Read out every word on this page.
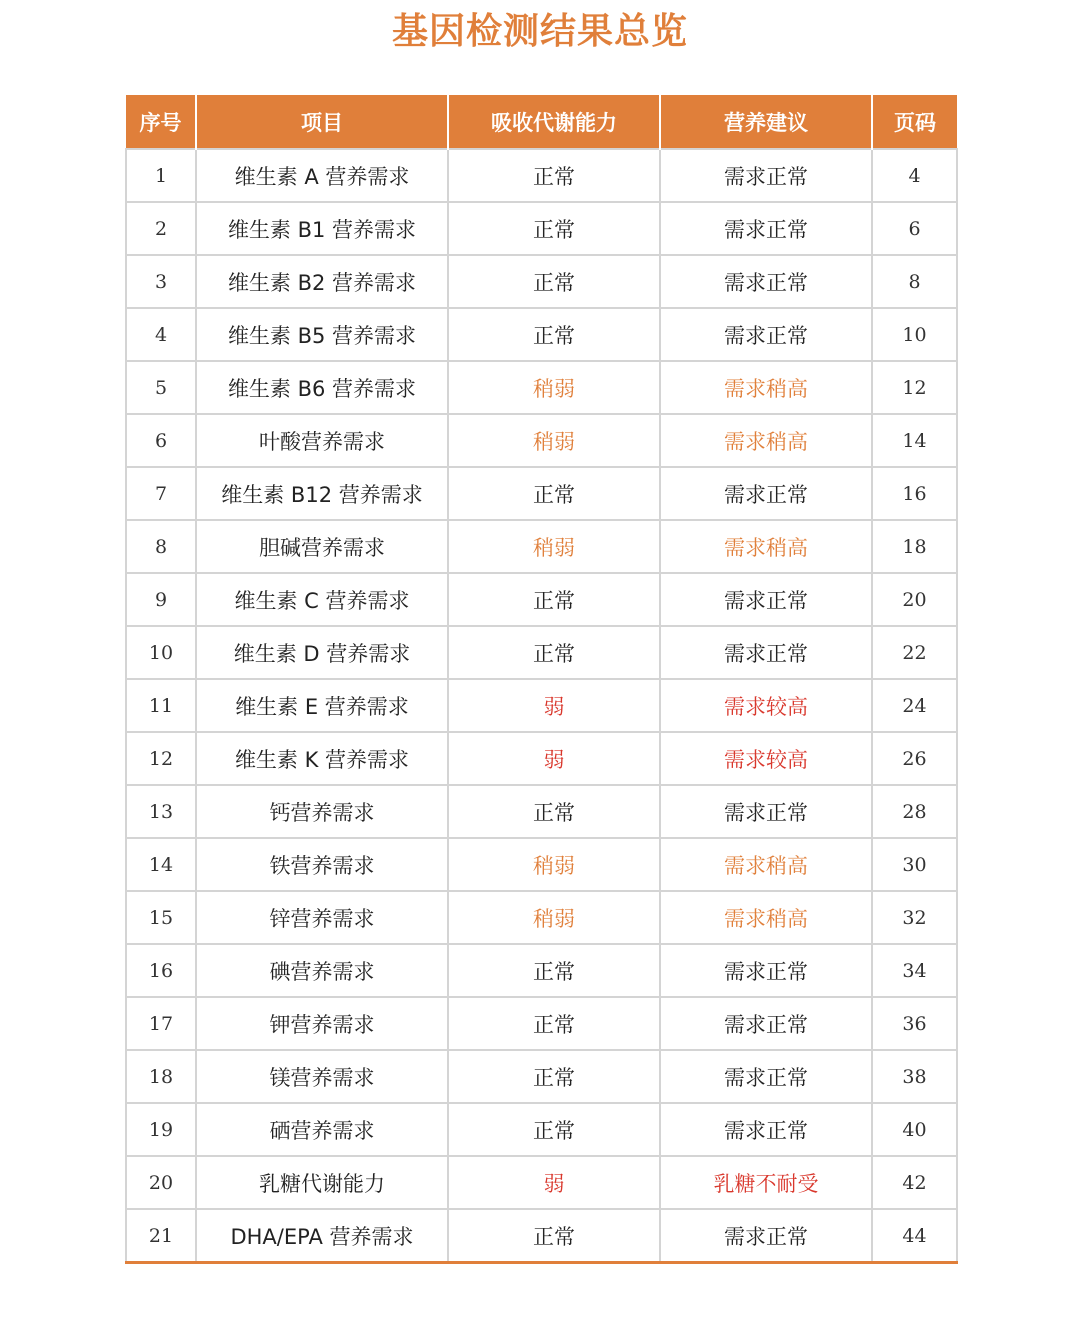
基因检测结果总览
序号	项目	吸收代谢能力	营养建议	页码
1	维生素 A 营养需求	正常	需求正常	4
2	维生素 B1 营养需求	正常	需求正常	6
3	维生素 B2 营养需求	正常	需求正常	8
4	维生素 B5 营养需求	正常	需求正常	10
5	维生素 B6 营养需求	稍弱	需求稍高	12
6	叶酸营养需求	稍弱	需求稍高	14
7	维生素 B12 营养需求	正常	需求正常	16
8	胆碱营养需求	稍弱	需求稍高	18
9	维生素 C 营养需求	正常	需求正常	20
10	维生素 D 营养需求	正常	需求正常	22
11	维生素 E 营养需求	弱	需求较高	24
12	维生素 K 营养需求	弱	需求较高	26
13	钙营养需求	正常	需求正常	28
14	铁营养需求	稍弱	需求稍高	30
15	锌营养需求	稍弱	需求稍高	32
16	碘营养需求	正常	需求正常	34
17	钾营养需求	正常	需求正常	36
18	镁营养需求	正常	需求正常	38
19	硒营养需求	正常	需求正常	40
20	乳糖代谢能力	弱	乳糖不耐受	42
21	DHA/EPA 营养需求	正常	需求正常	44
